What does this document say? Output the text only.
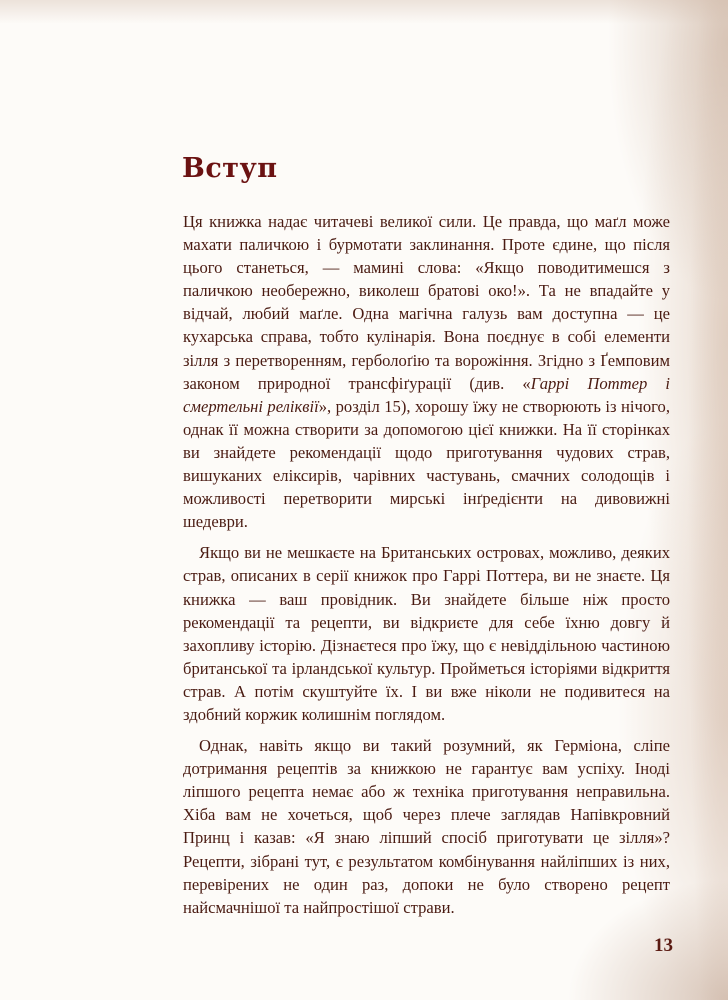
Вступ

Ця книжка надає читачеві великої сили. Це правда, що маґл може махати паличкою і бурмотати заклинання. Проте єдине, що після цього станеться, — мамині слова: «Якщо поводитимешся з паличкою необережно, виколеш братові око!». Та не впадайте у відчай, любий маґле. Одна магічна галузь вам доступна — це кухарська справа, тобто кулінарія. Вона поєднує в собі елементи зілля з перетворенням, герболоґію та ворожіння. Згідно з Ґемповим законом природної трансфіґурації (див. «Гаррі Поттер і смертельні реліквії», розділ 15), хорошу їжу не створюють із нічого, однак її можна створити за допомогою цієї книжки. На її сторінках ви знайдете рекомендації щодо приготування чудових страв, вишуканих еліксирів, чарівних частувань, смачних солодощів і можливості перетворити мирські інґредієнти на дивовижні шедеври.

Якщо ви не мешкаєте на Британських островах, можливо, деяких страв, описаних в серії книжок про Гаррі Поттера, ви не знаєте. Ця книжка — ваш провідник. Ви знайдете більше ніж просто рекомендації та рецепти, ви відкриєте для себе їхню довгу й захопливу історію. Дізнаєтеся про їжу, що є невіддільною частиною британської та ірландської культур. Пройметься історіями відкриття страв. А потім скуштуйте їх. І ви вже ніколи не подивитеся на здобний коржик колишнім поглядом.

Однак, навіть якщо ви такий розумний, як Герміона, сліпе дотримання рецептів за книжкою не гарантує вам успіху. Іноді ліпшого рецепта немає або ж техніка приготування неправильна. Хіба вам не хочеться, щоб через плече заглядав Напівкровний Принц і казав: «Я знаю ліпший спосіб приготувати це зілля»? Рецепти, зібрані тут, є результатом комбінування найліпших із них, перевірених не один раз, допоки не було створено рецепт найсмачнішої та найпростішої страви.

13
